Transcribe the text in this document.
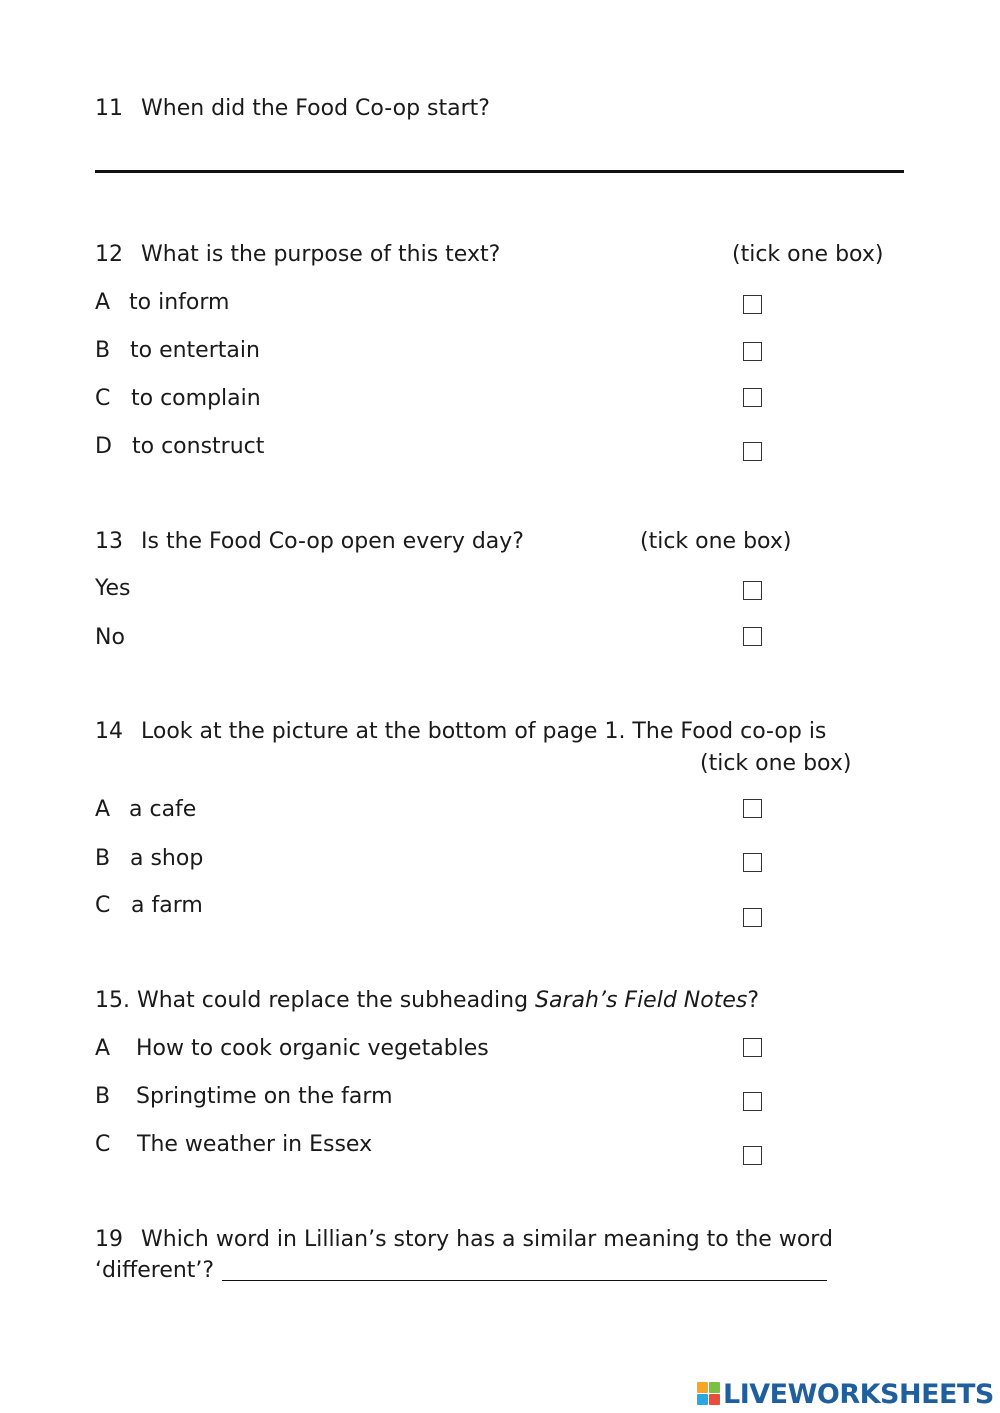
11 When did the Food Co-op start?
12 What is the purpose of this text?	(tick one box)
A to inform
B to entertain
C to complain
D to construct
13 Is the Food Co-op open every day?	(tick one box)
Yes
No
14 Look at the picture at the bottom of page 1. The Food co-op is
(tick one box)
A a cafe
B a shop
C a farm
15. What could replace the subheading Sarah’s Field Notes?
A How to cook organic vegetables
B Springtime on the farm
C The weather in Essex
19 Which word in Lillian’s story has a similar meaning to the word
‘different’?
LIVEWORKSHEETS
